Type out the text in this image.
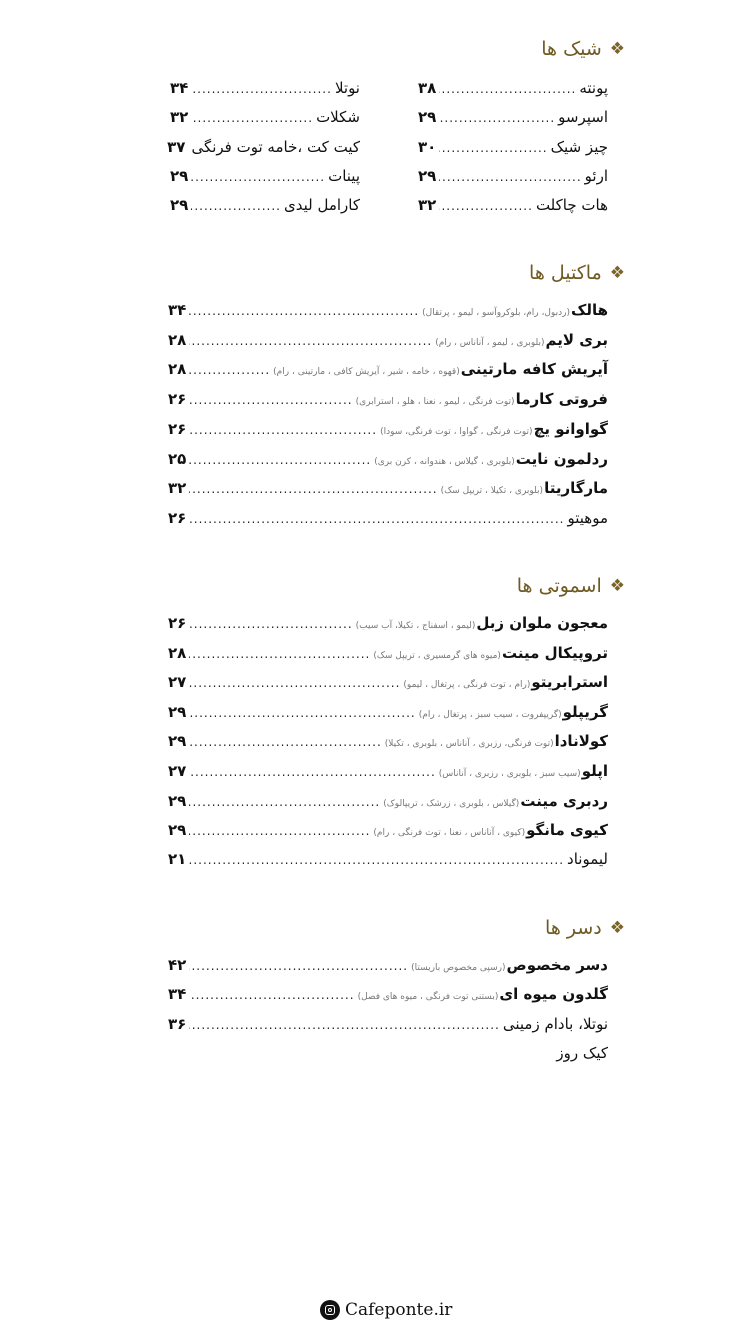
❖
شیک ها
پونته
.....
۳۸
اسپرسو
.....
۲۹
چیز شیک
.....
۳۰
ارئو
.....
۲۹
هات چاکلت
.....
۳۲
نوتلا
.....
۳۴
شکلات
.....
۳۲
کیت کت ،خامه توت فرنگی
۳۷
پینات
.....
۲۹
کارامل لیدی
.....
۲۹
❖
ماکتیل ها
هالک
(ردبول، رام، بلوکروآسو ، لیمو ، پرتقال)
.....
۳۴
بری لایم
(بلوبری ، لیمو ، آناناس ، رام)
.....
۲۸
آیریش کافه مارتینی
(قهوه ، خامه ، شیر ، آیریش کافی ، مارتینی ، رام)
.....
۲۸
فروتی کارما
(توت فرنگی ، لیمو ، نعنا ، هلو ، استرابری)
.....
۲۶
گواوانو یچ
(توت فرنگی ، گواوا ، توت فرنگی، سودا)
.....
۲۶
ردلمون نایت
(بلوبری ، گیلاس ، هندوانه ، کرن بری)
.....
۲۵
مارگاریتا
(بلوبری ، تکیلا ، تریپل سک)
.....
۳۲
موهیتو
.....
۲۶
❖
اسموتی ها
معجون ملوان زبل
(لیمو ، اسفناج ، تکیلا، آب سیب)
.....
۲۶
تروپیکال مینت
(میوه های گرمسیری ، تریپل سک)
.....
۲۸
استرابریتو
(رام ، توت فرنگی ، پرتغال ، لیمو)
.....
۲۷
گریپلو
(گریپفروت ، سیب سبز ، پرتغال ، رام)
.....
۲۹
کولانادا
(توت فرنگی، رزبری ، آناناس ، بلوبری ، تکیلا)
.....
۲۹
اپلو
(سیب سبز ، بلوبری ، رزبری ، آناناس)
.....
۲۷
ردبری مینت
(گیلاس ، بلوبری ، زرشک ، تریپالوک)
.....
۲۹
کیوی مانگو
(کیوی ، آناناس ، نعنا ، توت فرنگی ، رام)
.....
۲۹
لیموناد
.....
۲۱
❖
دسر ها
دسر مخصوص
(رسپی مخصوص باریستا)
.....
۴۲
گلدون میوه ای
(بستنی توت فرنگی ، میوه های فصل)
.....
۳۴
نوتلا، بادام زمینی
.....
۳۶
کیک روز
Cafeponte.ir
